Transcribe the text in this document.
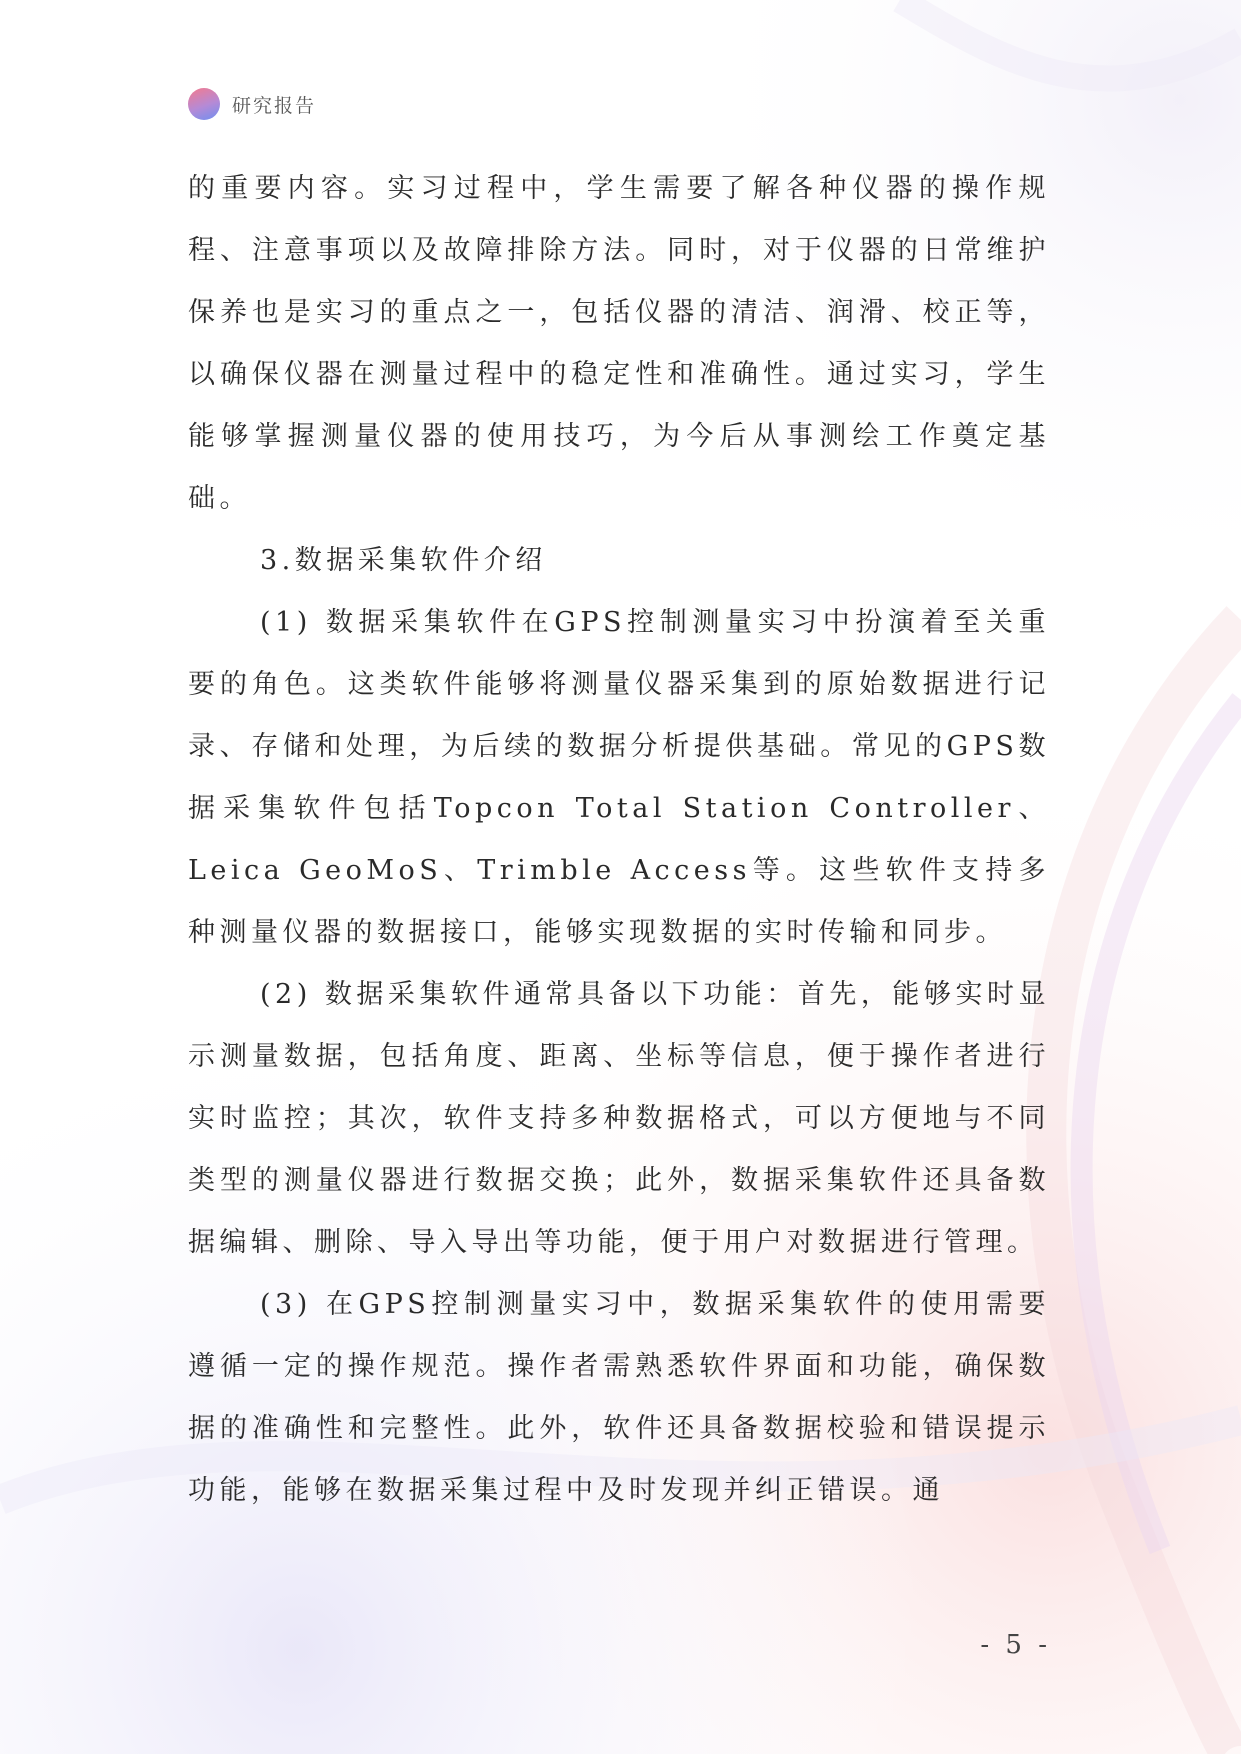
研究报告

的重要内容。实习过程中，学生需要了解各种仪器的操作规程、注意事项以及故障排除方法。同时，对于仪器的日常维护保养也是实习的重点之一，包括仪器的清洁、润滑、校正等，以确保仪器在测量过程中的稳定性和准确性。通过实习，学生能够掌握测量仪器的使用技巧，为今后从事测绘工作奠定基础。

3.数据采集软件介绍

(1) 数据采集软件在GPS控制测量实习中扮演着至关重要的角色。这类软件能够将测量仪器采集到的原始数据进行记录、存储和处理，为后续的数据分析提供基础。常见的GPS数据采集软件包括Topcon Total Station Controller、Leica GeoMoS、Trimble Access等。这些软件支持多种测量仪器的数据接口，能够实现数据的实时传输和同步。

(2) 数据采集软件通常具备以下功能：首先，能够实时显示测量数据，包括角度、距离、坐标等信息，便于操作者进行实时监控；其次，软件支持多种数据格式，可以方便地与不同类型的测量仪器进行数据交换；此外，数据采集软件还具备数据编辑、删除、导入导出等功能，便于用户对数据进行管理。

(3) 在GPS控制测量实习中，数据采集软件的使用需要遵循一定的操作规范。操作者需熟悉软件界面和功能，确保数据的准确性和完整性。此外，软件还具备数据校验和错误提示功能，能够在数据采集过程中及时发现并纠正错误。通

- 5 -
